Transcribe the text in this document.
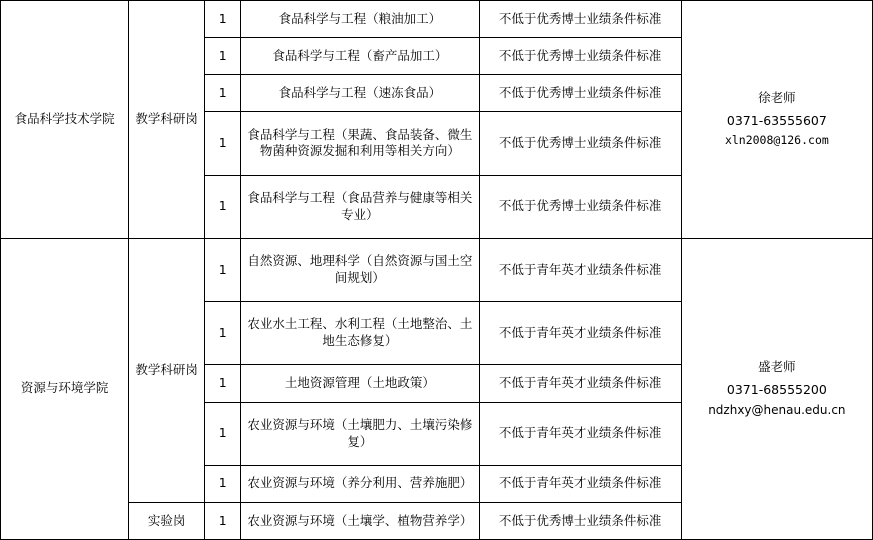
食品科学技术学院	教学科研岗	1	食品科学与工程（粮油加工）	不低于优秀博士业绩条件标准	徐老师
0371-63555607
xln2008@126.com

		1	食品科学与工程（畜产品加工）	不低于优秀博士业绩条件标准	
		1	食品科学与工程（速冻食品）	不低于优秀博士业绩条件标准	
		1	食品科学与工程（果蔬、食品装备、微生物菌种资源发掘和利用等相关方向）	不低于优秀博士业绩条件标准	
		1	食品科学与工程（食品营养与健康等相关专业）	不低于优秀博士业绩条件标准	
资源与环境学院	教学科研岗	1	自然资源、地理科学（自然资源与国土空间规划）	不低于青年英才业绩条件标准	盛老师
0371-68555200
ndzhxy@henau.edu.cn

		1	农业水土工程、水利工程（土地整治、土地生态修复）	不低于青年英才业绩条件标准	
		1	土地资源管理（土地政策）	不低于青年英才业绩条件标准	
		1	农业资源与环境（土壤肥力、土壤污染修复）	不低于青年英才业绩条件标准	
		1	农业资源与环境（养分利用、营养施肥）	不低于青年英才业绩条件标准	
	实验岗	1	农业资源与环境（土壤学、植物营养学）	不低于优秀博士业绩条件标准	
